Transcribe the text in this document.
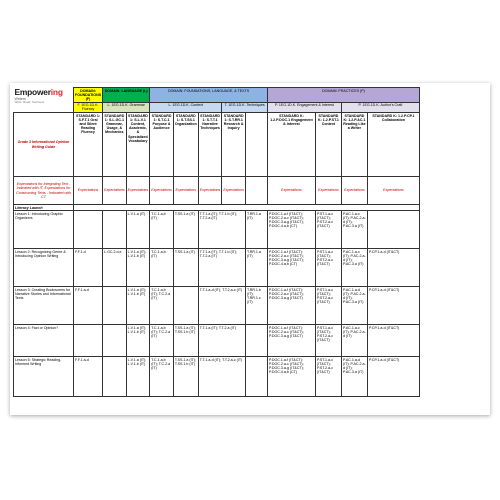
Empowering
Writers
Write. Read. Succeed.	DOMAIN: FOUNDATIONS (F)	DOMAIN: LANGUAGE (L)		DOMAIN: FOUNDATIONS, LANGUAGE, & TEXTS					DOMAIN: PRACTICES (P)			
	F. 1EG.1D.K. Fluency	L. 1EG.1D.K. Grammar		L. 1EG.1D.K. Context			T. 1EG.1D.K. Techniques		P. 1EG.1D.K. Engagement & Interest		P. 1EG.1D.K. Author's Craft	
Grade 3 Informational Opinion Writing Guide	STANDARD 1: S.F.T.1 Oral and Silent Reading Fluency	STANDARD 1: S.L.GC.1 Grammar, Usage, & Mechanics	STANDARD 1: S.L.V.1 Context, Academic, & Specialized Vocabulary	STANDARD 1: S.T.C.1 Purpose & Audience	STANDARD 1: S.T.SS.1 Organization	STANDARD 1: S.T.T.1 Narrative Techniques	STANDARD 1: S.T.RR.1 Research & Inquiry		STANDARD K: 1.2.P.DOC.1 Engagement & Interest	STANDARD K: 1.2.P.ST.1 Context	STANDARD K: 1.2.P.AC.1 Reading Like a Writer	STANDARD K: 1.2.P.CP.1 Collaboration
Expectations for Integrating Text - Indicated with IT; Expectations for Constructing Texts - Indicated with CT	Expectations	Expectations	Expectations	Expectations	Expectations	Expectations	Expectations		Expectations	Expectations	Expectations	Expectations
Literacy Launch												
Lesson 1: Introducing Graphic Organizers			L.V.1.a (IT)	T.C.1.a,b (IT)	T.SS.1.a (IT)	T.T.1.a (IT); T.T.1.b (IT); T.T.2.a (IT)		T.RR.1.a (IT)	P.DOC.1.a-f (IT&CT); P.DOC.2.a-c (IT&CT); P.DOC.3.a-g (IT&CT); P.DOC.4.a,b (CT)	P.ST.1.a-c (IT&CT); P.ST.2.a-c (IT&CT)	P.AC.1.a-c (IT); P.AC.2.a-d (IT); P.AC.3.a (IT)	
Lesson 2: Recognizing Genre & Introducing Opinion Writing	F.F.1.d	L.GC.2.d,e	L.V.1.a (IT); L.V.1.b (IT)	T.C.1.a,b (IT)	T.SS.1.a (IT)	T.T.1.a (IT); T.T.1.b (IT); T.T.2.a (IT)		T.RR.1.a (IT)	P.DOC.1.a-f (IT&CT); P.DOC.2.a-c (IT&CT); P.DOC.3.a-g (IT&CT); P.DOC.4.a,b (CT)	P.ST.1.a-c (IT&CT); P.ST.2.a-c (IT&CT)	P.AC.1.a-c (IT); P.AC.2.a-d (IT); P.AC.3.a (IT)	P.CP.1.a-d (IT&CT)
Lesson 3: Creating Bookworms for Narrative Stories and Informational Texts	F.F.1.a-d		L.V.1.a (IT); L.V.1.b (IT)	T.C.1.a,b (IT); T.C.2.a (IT)		T.T.1.a-d (IT); T.T.2.a-c (IT)		T.RR.1.b (IT); T.RR.1.c (IT)	P.DOC.1.a-f (IT&CT); P.DOC.2.a-c (IT&CT); P.DOC.3.a-g (IT&CT)	P.ST.1.a-c (IT&CT); P.ST.2.a-c (IT&CT)	P.AC.1.a-d (IT); P.AC.2.a-d (IT); P.AC.3.a (IT)	P.CP.1.a-d (IT&CT)
Lesson 4: Fact or Opinion?			L.V.1.a (IT); L.V.1.b (IT)	T.C.1.a,b (IT); T.C.2.a (IT)	T.SS.1.a (IT); T.SS.1.b (IT)	T.T.1.a (IT); T.T.2.a (IT)			P.DOC.1.a-f (IT&CT); P.DOC.2.a-c (IT&CT); P.DOC.3.a-g (IT&CT)	P.ST.1.a-c (IT&CT); P.ST.2.a-c (IT&CT)	P.AC.1.a-c (IT); P.AC.2.a-d (IT)	P.CP.1.a-d (IT&CT)
Lesson 5: Strategic Reading-Informed Writing	F.F.1.a-d		L.V.1.a (IT); L.V.1.b (IT)	T.C.1.a,b (IT); T.C.2.a (IT)	T.SS.1.a (IT); T.SS.1.b (IT)	T.T.1.a-d (IT); T.T.2.a-c (IT)			P.DOC.1.a-f (IT&CT); P.DOC.2.a-c (IT&CT); P.DOC.3.a-g (IT&CT); P.DOC.4.a,b (CT)	P.ST.1.a-c (IT&CT); P.ST.2.a-c (IT&CT)	P.AC.1.a-d (IT); P.AC.2.a-d (IT); P.AC.3.a (IT)	P.CP.1.a-d (IT&CT)
